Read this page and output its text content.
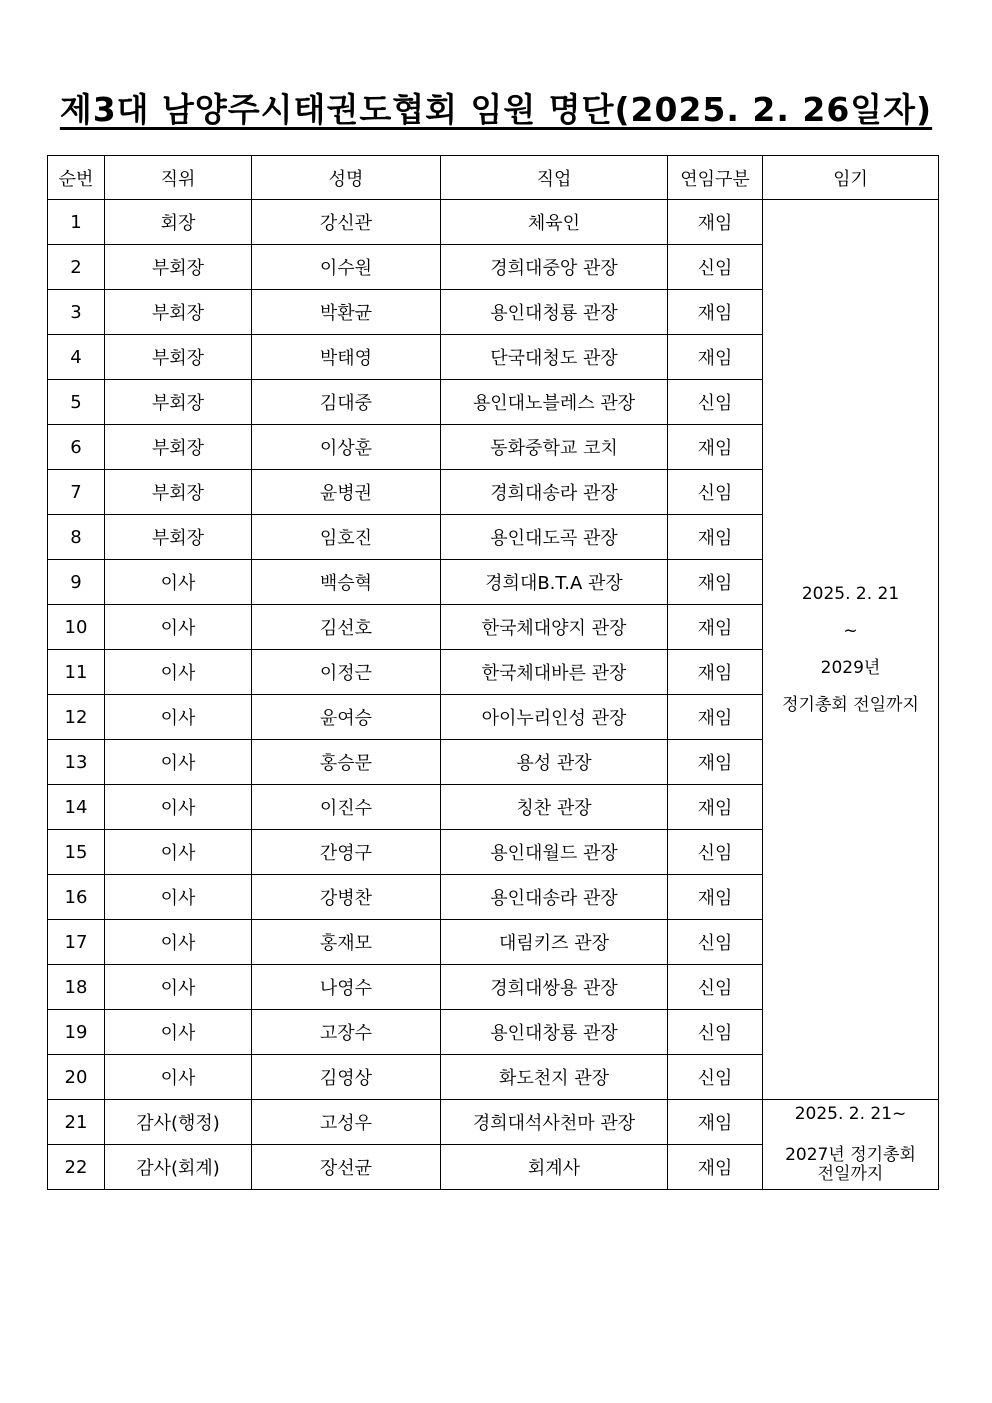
제3대 남양주시태권도협회 임원 명단(2025. 2. 26일자)
순번	직위	성명	직업	연임구분	임기
1	회장	강신관	체육인	재임	2025. 2. 21
~
2029년
정기총회 전일까지

2	부회장	이수원	경희대중앙 관장	신임	
3	부회장	박환균	용인대청룡 관장	재임	
4	부회장	박태영	단국대청도 관장	재임	
5	부회장	김대중	용인대노블레스 관장	신임	
6	부회장	이상훈	동화중학교 코치	재임	
7	부회장	윤병권	경희대송라 관장	신임	
8	부회장	임호진	용인대도곡 관장	재임	
9	이사	백승혁	경희대B.T.A 관장	재임	
10	이사	김선호	한국체대양지 관장	재임	
11	이사	이정근	한국체대바른 관장	재임	
12	이사	윤여승	아이누리인성 관장	재임	
13	이사	홍승문	용성 관장	재임	
14	이사	이진수	칭찬 관장	재임	
15	이사	간영구	용인대월드 관장	신임	
16	이사	강병찬	용인대송라 관장	재임	
17	이사	홍재모	대림키즈 관장	신임	
18	이사	나영수	경희대쌍용 관장	신임	
19	이사	고장수	용인대창룡 관장	신임	
20	이사	김영상	화도천지 관장	신임	
21	감사(행정)	고성우	경희대석사천마 관장	재임	2025. 2. 21~
2027년 정기총회
전일까지

22	감사(회계)	장선균	회계사	재임	
